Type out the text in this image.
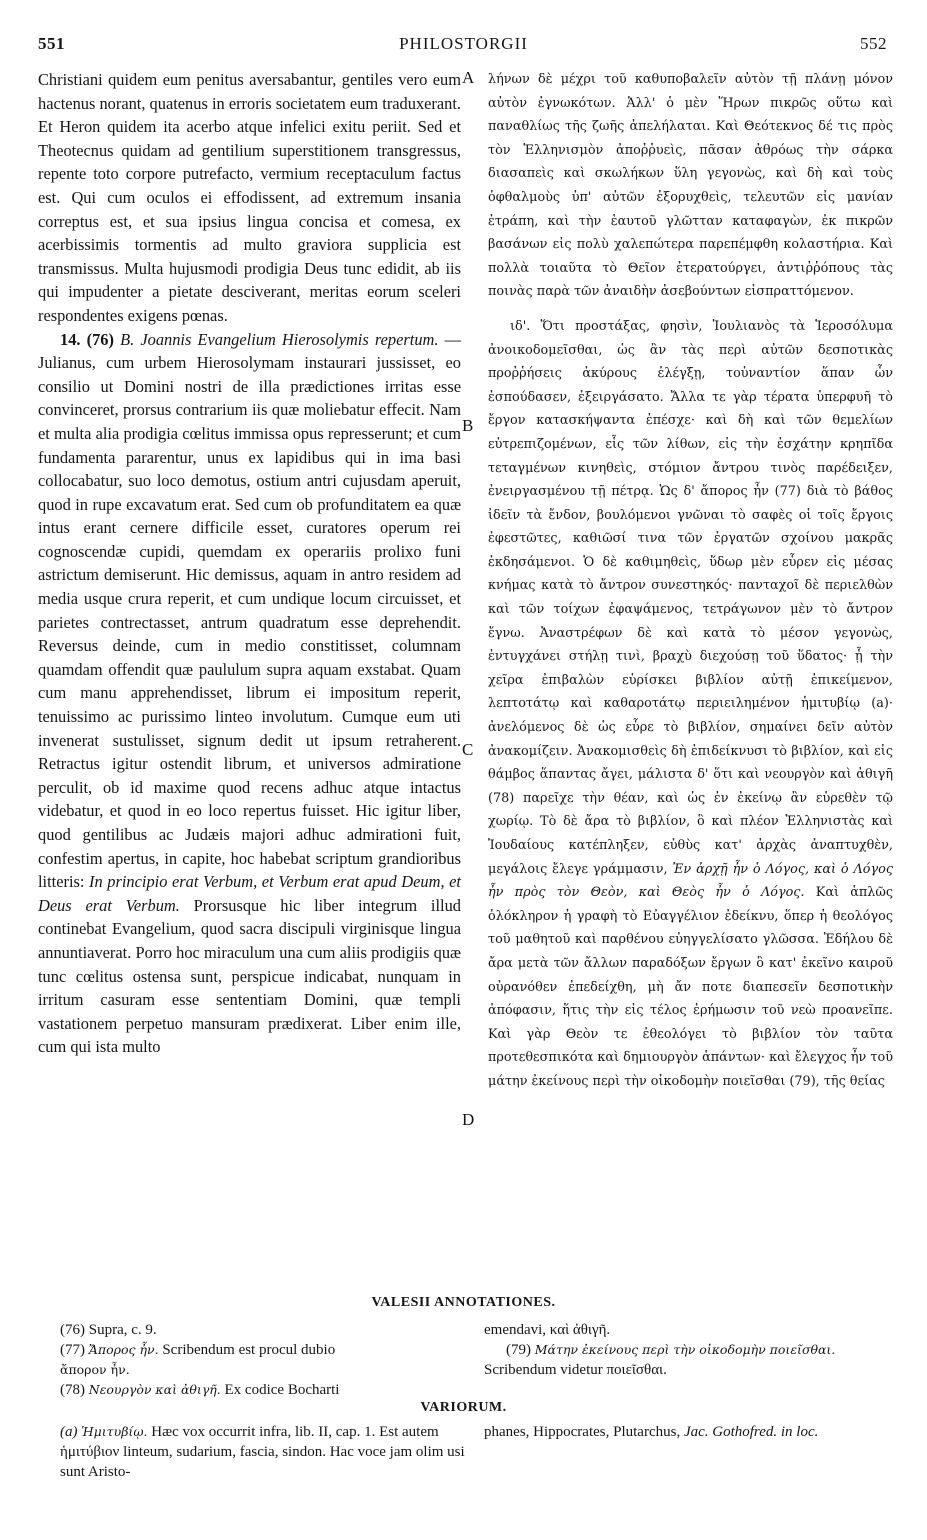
551	PHILOSTORGII	552

Christiani quidem eum penitus aversabantur, gentiles vero eum hactenus norant, quatenus in erroris societatem eum traduxerant. Et Heron quidem ita acerbo atque infelici exitu periit. Sed et Theotecnus quidam ad gentilium superstitionem transgressus, repente toto corpore putrefacto, vermium receptaculum factus est. Qui cum oculos ei effodissent, ad extremum insania correptus est, et sua ipsius lingua concisa et comesa, ex acerbissimis tormentis ad multo graviora supplicia est transmissus. Multa hujusmodi prodigia Deus tunc edidit, ab iis qui impudenter a pietate desciverant, meritas eorum sceleri respondentes exigens pœnas.

14. (76) B. Joannis Evangelium Hierosolymis repertum. — Julianus, cum urbem Hierosolymam instaurari jussisset, eo consilio ut Domini nostri de illa prædictiones irritas esse convinceret, prorsus contrarium iis quæ moliebatur effecit. Nam et multa alia prodigia cœlitus immissa opus represserunt; et cum fundamenta pararentur, unus ex lapidibus qui in ima basi collocabatur, suo loco demotus, ostium antri cujusdam aperuit, quod in rupe excavatum erat. Sed cum ob profunditatem ea quæ intus erant cernere difficile esset, curatores operum rei cognoscendæ cupidi, quemdam ex operariis prolixo funi astrictum demiserunt. Hic demissus, aquam in antro residem ad media usque crura reperit, et cum undique locum circuisset, et parietes contrectasset, antrum quadratum esse deprehendit. Reversus deinde, cum in medio constitisset, columnam quamdam offendit quæ paululum supra aquam exstabat. Quam cum manu apprehendisset, librum ei impositum reperit, tenuissimo ac purissimo linteo involutum. Cumque eum uti invenerat sustulisset, signum dedit ut ipsum retraherent. Retractus igitur ostendit librum, et universos admiratione perculit, ob id maxime quod recens adhuc atque intactus videbatur, et quod in eo loco repertus fuisset. Hic igitur liber, quod gentilibus ac Judæis majori adhuc admirationi fuit, confestim apertus, in capite, hoc habebat scriptum grandioribus litteris: In principio erat Verbum, et Verbum erat apud Deum, et Deus erat Verbum. Prorsusque hic liber integrum illud continebat Evangelium, quod sacra discipuli virginisque lingua annuntiaverat. Porro hoc miraculum una cum aliis prodigiis quæ tunc cœlitus ostensa sunt, perspicue indicabat, nunquam in irritum casuram esse sententiam Domini, quæ templi vastationem perpetuo mansuram prædixerat. Liber enim ille, cum qui ista multo

A
B
C
D

λήνων δὲ μέχρι τοῦ καθυποβαλεῖν αὐτὸν τῇ πλάνῃ μόνον αὐτὸν ἐγνωκότων. Ἀλλ' ὁ μὲν Ἥρων πικρῶς οὕτω καὶ παναθλίως τῆς ζωῆς ἀπελήλαται. Καὶ Θεότεκνος δέ τις πρὸς τὸν Ἑλληνισμὸν ἀποῤῥυεὶς, πᾶσαν ἀθρόως τὴν σάρκα διασαπεὶς καὶ σκωλήκων ὕλη γεγονὼς, καὶ δὴ καὶ τοὺς ὀφθαλμοὺς ὑπ' αὐτῶν ἐξορυχθεὶς, τελευτῶν εἰς μανίαν ἐτράπη, καὶ τὴν ἑαυτοῦ γλῶτταν καταφαγὼν, ἐκ πικρῶν βασάνων εἰς πολὺ χαλεπώτερα παρεπέμφθη κολαστήρια. Καὶ πολλὰ τοιαῦτα τὸ Θεῖον ἐτερατούργει, ἀντιῤῥόπους τὰς ποινὰς παρὰ τῶν ἀναιδὴν ἀσεβούντων εἰσπραττόμενον.

ιδ'. Ὅτι προστάξας, φησὶν, Ἰουλιανὸς τὰ Ἱεροσόλυμα ἀνοικοδομεῖσθαι, ὡς ἂν τὰς περὶ αὐτῶν δεσποτικὰς προῤῥήσεις ἀκύρους ἐλέγξῃ, τοὐναντίον ἅπαν ὧν ἐσπούδασεν, ἐξειργάσατο. Ἄλλα τε γὰρ τέρατα ὑπερφυῆ τὸ ἔργον κατασκήψαντα ἐπέσχε· καὶ δὴ καὶ τῶν θεμελίων εὐτρεπιζομένων, εἷς τῶν λίθων, εἰς τὴν ἐσχάτην κρηπῖδα τεταγμένων κινηθεὶς, στόμιον ἄντρου τινὸς παρέδειξεν, ἐνειργασμένου τῇ πέτρᾳ. Ὡς δ' ἄπορος ἦν (77) διὰ τὸ βάθος ἰδεῖν τὰ ἔνδον, βουλόμενοι γνῶναι τὸ σαφὲς οἱ τοῖς ἔργοις ἐφεστῶτες, καθιῶσί τινα τῶν ἐργατῶν σχοίνου μακρᾶς ἐκδησάμενοι. Ὁ δὲ καθιμηθεὶς, ὕδωρ μὲν εὗρεν εἰς μέσας κνήμας κατὰ τὸ ἄντρον συνεστηκός· πανταχοῖ δὲ περιελθὼν καὶ τῶν τοίχων ἐφαψάμενος, τετράγωνον μὲν τὸ ἄντρον ἔγνω. Ἀναστρέφων δὲ καὶ κατὰ τὸ μέσον γεγονὼς, ἐντυγχάνει στήλῃ τινὶ, βραχὺ διεχούσῃ τοῦ ὕδατος· ᾗ τὴν χεῖρα ἐπιβαλὼν εὑρίσκει βιβλίον αὐτῇ ἐπικείμενον, λεπτοτάτῳ καὶ καθαροτάτῳ περιειλημένον ἡμιτυβίῳ (a)· ἀνελόμενος δὲ ὡς εὗρε τὸ βιβλίον, σημαίνει δεῖν αὐτὸν ἀνακομίζειν. Ἀνακομισθεὶς δὴ ἐπιδείκνυσι τὸ βιβλίον, καὶ εἰς θάμβος ἅπαντας ἄγει, μάλιστα δ' ὅτι καὶ νεουργὸν καὶ ἀθιγῆ (78) παρεῖχε τὴν θέαν, καὶ ὡς ἐν ἐκείνῳ ἂν εὑρεθὲν τῷ χωρίῳ. Τὸ δὲ ἄρα τὸ βιβλίον, ὃ καὶ πλέον Ἑλληνιστὰς καὶ Ἰουδαίους κατέπληξεν, εὐθὺς κατ' ἀρχὰς ἀναπτυχθὲν, μεγάλοις ἔλεγε γράμμασιν, Ἐν ἀρχῇ ἦν ὁ Λόγος, καὶ ὁ Λόγος ἦν πρὸς τὸν Θεὸν, καὶ Θεὸς ἦν ὁ Λόγος. Καὶ ἁπλῶς ὁλόκληρον ἡ γραφὴ τὸ Εὐαγγέλιον ἐδείκνυ, ὅπερ ἡ θεολόγος τοῦ μαθητοῦ καὶ παρθένου εὐηγγελίσατο γλῶσσα. Ἐδήλου δὲ ἄρα μετὰ τῶν ἄλλων παραδόξων ἔργων ὃ κατ' ἐκεῖνο καιροῦ οὐρανόθεν ἐπεδείχθη, μὴ ἄν ποτε διαπεσεῖν δεσποτικὴν ἀπόφασιν, ἥτις τὴν εἰς τέλος ἐρήμωσιν τοῦ νεὼ προανεῖπε. Καὶ γὰρ Θεὸν τε ἐθεολόγει τὸ βιβλίον τὸν ταῦτα προτεθεσπικότα καὶ δημιουργὸν ἁπάντων· καὶ ἔλεγχος ἦν τοῦ μάτην ἐκείνους περὶ τὴν οἰκοδομὴν ποιεῖσθαι (79), τῆς θείας

VALESII ANNOTATIONES.

(76) Supra, c. 9.

(77) Ἄπορος ἦν. Scribendum est procul dubio
ἄπορον ἦν.

(78) Νεουργὸν καὶ ἀθιγῆ. Ex codice Bocharti

emendavi, καὶ ἀθιγῆ.

(79) Μάτην ἐκείνους περὶ τὴν οἰκοδομὴν ποιεῖσθαι. Scribendum videtur ποιεῖσθαι.

VARIORUM.

(a) Ἡμιτυβίῳ. Hæc vox occurrit infra, lib. II, cap. 1. Est autem ἡμιτύβιον linteum, sudarium, fascia, sindon. Hac voce jam olim usi sunt Aristo-

phanes, Hippocrates, Plutarchus, Jac. Gothofred. in loc.
